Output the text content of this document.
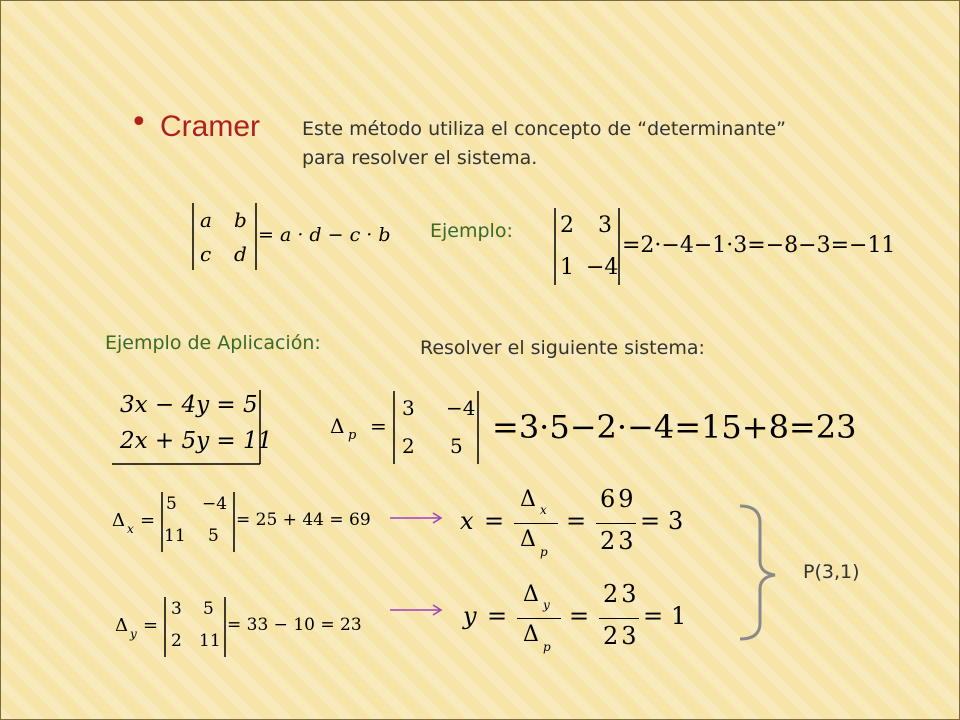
• Cramer Este método utiliza el concepto de “determinante”
para resolver el sistema.
a b
c d
= a · d − c · b Ejemplo: 2 3
1 −4
=2·−4−1·3=−8−3=−11
Ejemplo de Aplicación:	Resolver el siguiente sistema:
3x − 4y = 5
2x + 5y = 11
Δ p =
3 −4
2 5 =3·5−2·−4=15+8=23
Δ x =
5 −4
11 5
= 25 + 44 = 69
Δ y =
3 5
2 11
= 33 − 10 = 23
x =
Δ x
Δ p
=
69
23
= 3
y =
Δ y
Δ p
=
23
23
= 1
P(3,1)
